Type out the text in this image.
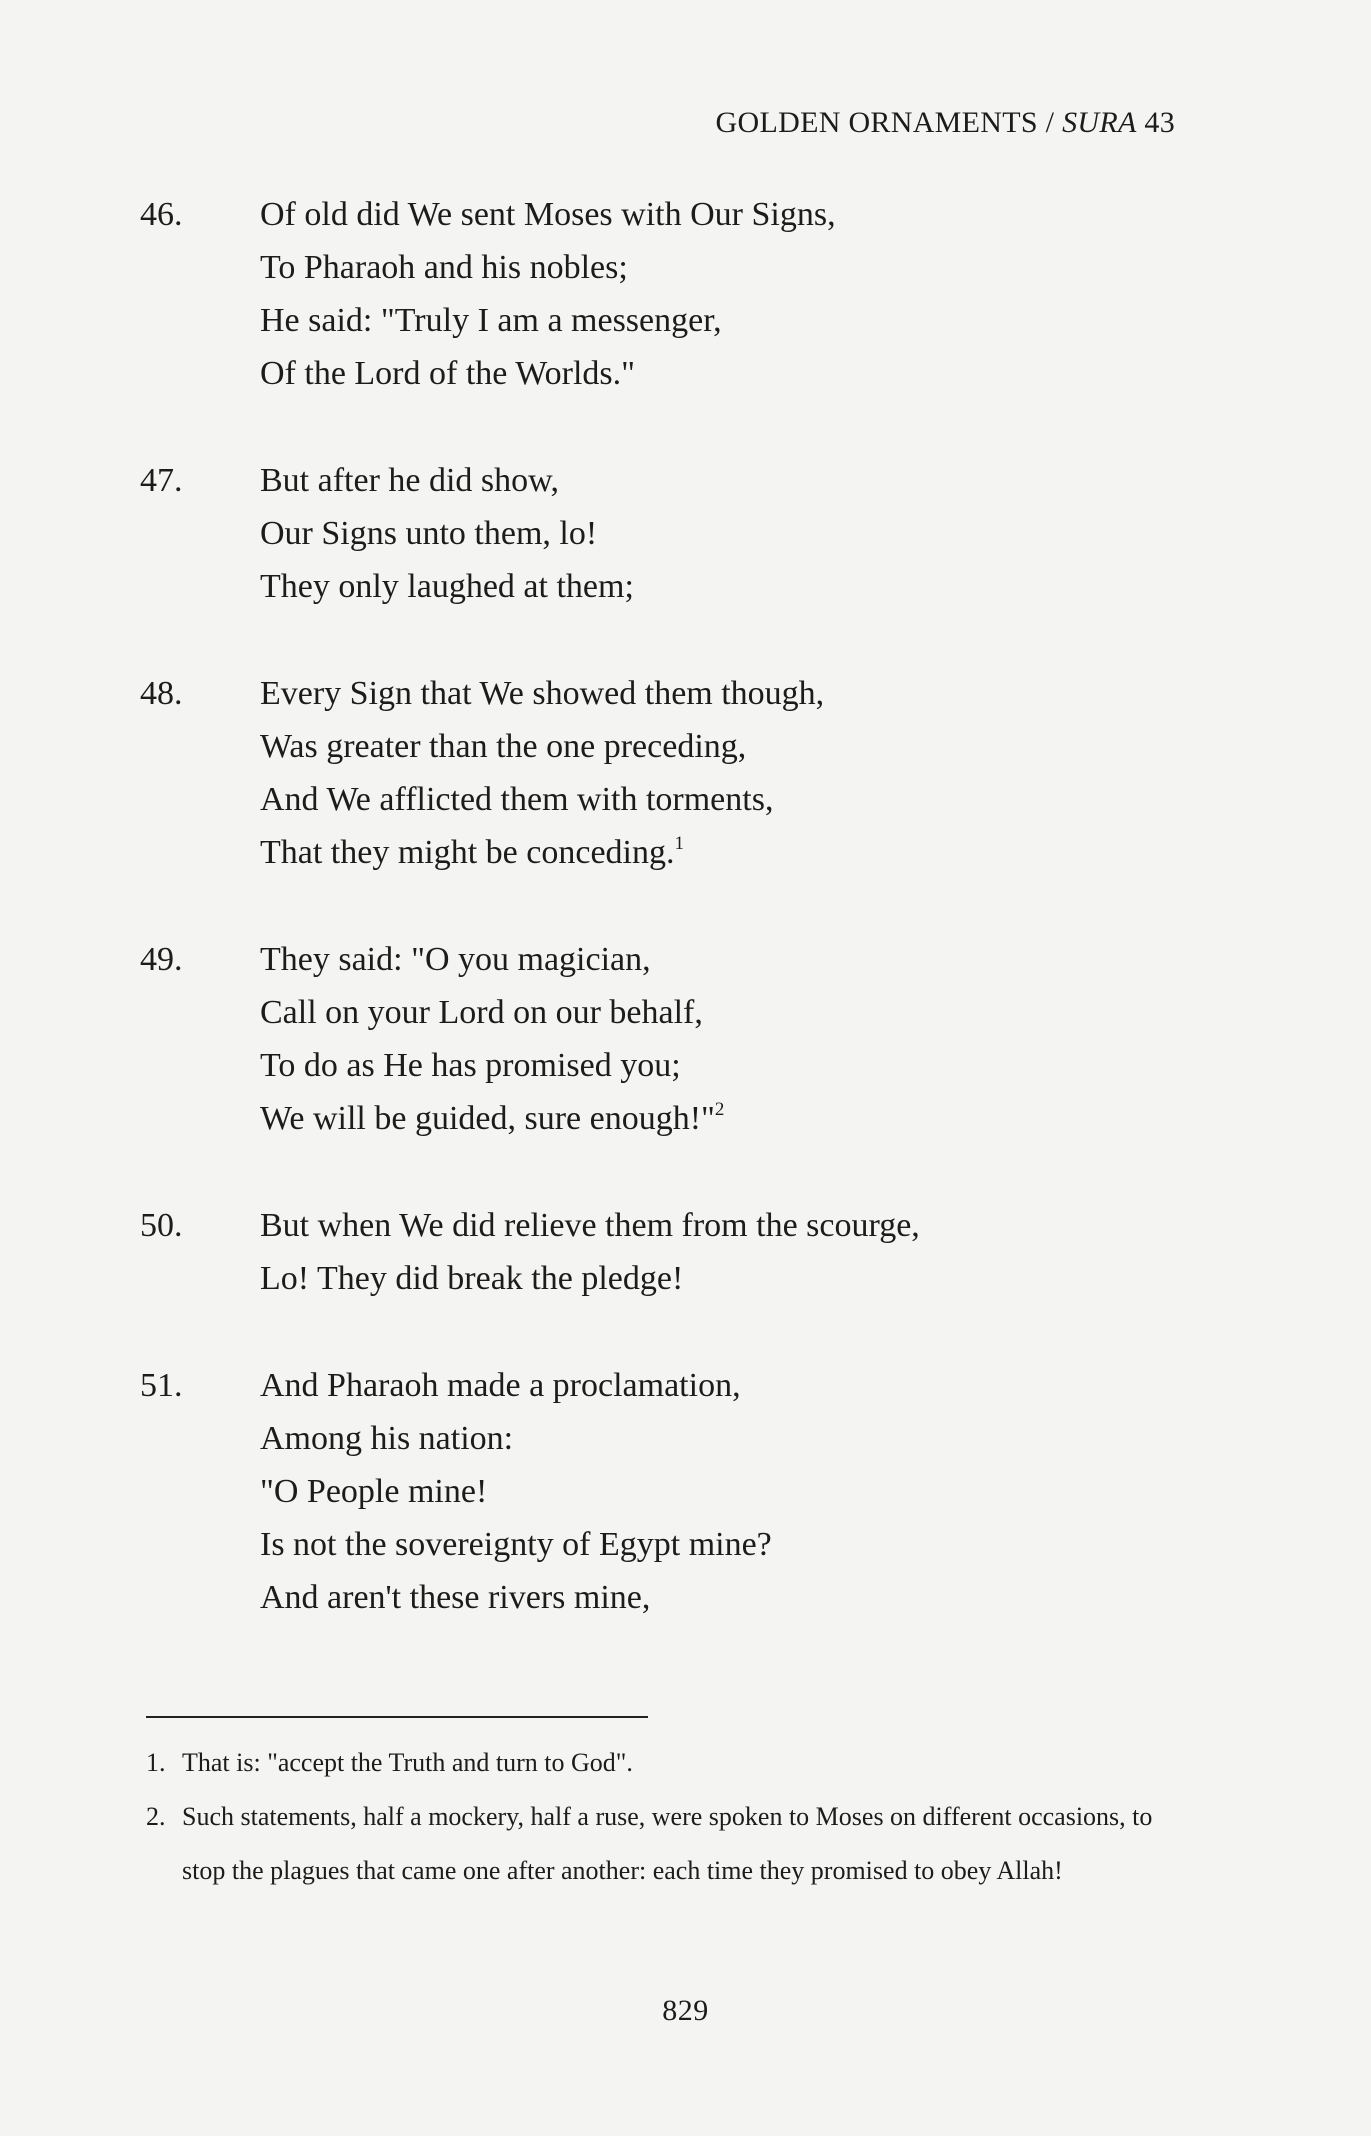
GOLDEN ORNAMENTS / SURA 43
46.	Of old did We sent Moses with Our Signs,
To Pharaoh and his nobles;
He said: "Truly I am a messenger,
Of the Lord of the Worlds."
47.	But after he did show,
Our Signs unto them, lo!
They only laughed at them;
48.	Every Sign that We showed them though,
Was greater than the one preceding,
And We afflicted them with torments,
That they might be conceding.$^1$
49.	They said: "O you magician,
Call on your Lord on our behalf,
To do as He has promised you;
We will be guided, sure enough!"$^2$
50.	But when We did relieve them from the scourge,
Lo! They did break the pledge!
51.	And Pharaoh made a proclamation,
Among his nation:
"O People mine!
Is not the sovereignty of Egypt mine?
And aren't these rivers mine,
1. That is: "accept the Truth and turn to God".
2. Such statements, half a mockery, half a ruse, were spoken to Moses on different occasions, to stop the plagues that came one after another: each time they promised to obey Allah!
829
